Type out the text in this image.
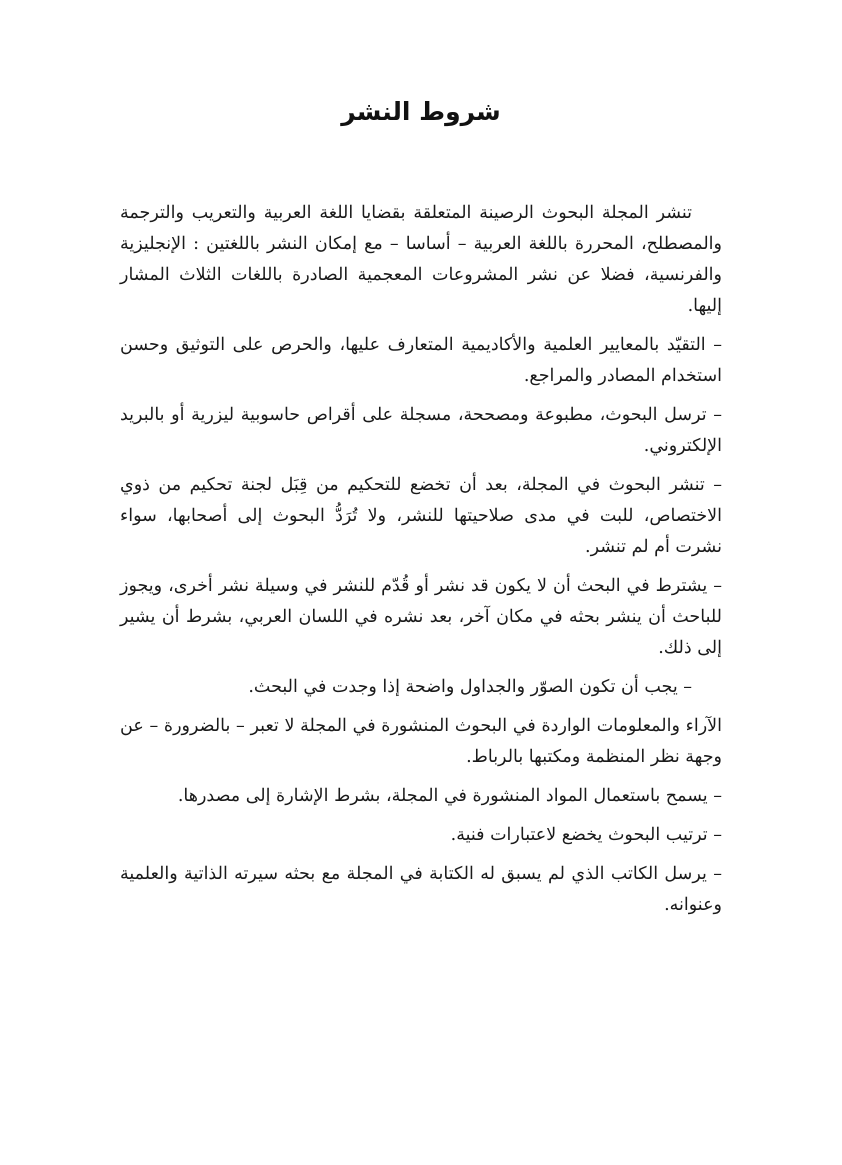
شروط النشر

تنشر المجلة البحوث الرصينة المتعلقة بقضايا اللغة العربية والتعريب والترجمة والمصطلح، المحررة باللغة العربية – أساسا – مع إمكان النشر باللغتين : الإنجليزية والفرنسية، فضلا عن نشر المشروعات المعجمية الصادرة باللغات الثلاث المشار إليها.

– التقيّد بالمعايير العلمية والأكاديمية المتعارف عليها، والحرص على التوثيق وحسن استخدام المصادر والمراجع.

– ترسل البحوث، مطبوعة ومصححة، مسجلة على أقراص حاسوبية ليزرية أو بالبريد الإلكتروني.

– تنشر البحوث في المجلة، بعد أن تخضع للتحكيم من قِبَل لجنة تحكيم من ذوي الاختصاص، للبت في مدى صلاحيتها للنشر، ولا تُرَدُّ البحوث إلى أصحابها، سواء نشرت أم لم تنشر.

– يشترط في البحث أن لا يكون قد نشر أو قُدّم للنشر في وسيلة نشر أخرى، ويجوز للباحث أن ينشر بحثه في مكان آخر، بعد نشره في اللسان العربي، بشرط أن يشير إلى ذلك.

– يجب أن تكون الصوّر والجداول واضحة إذا وجدت في البحث.

الآراء والمعلومات الواردة في البحوث المنشورة في المجلة لا تعبر – بالضرورة – عن وجهة نظر المنظمة ومكتبها بالرباط.

– يسمح باستعمال المواد المنشورة في المجلة، بشرط الإشارة إلى مصدرها.

– ترتيب البحوث يخضع لاعتبارات فنية.

– يرسل الكاتب الذي لم يسبق له الكتابة في المجلة مع بحثه سيرته الذاتية والعلمية وعنوانه.
